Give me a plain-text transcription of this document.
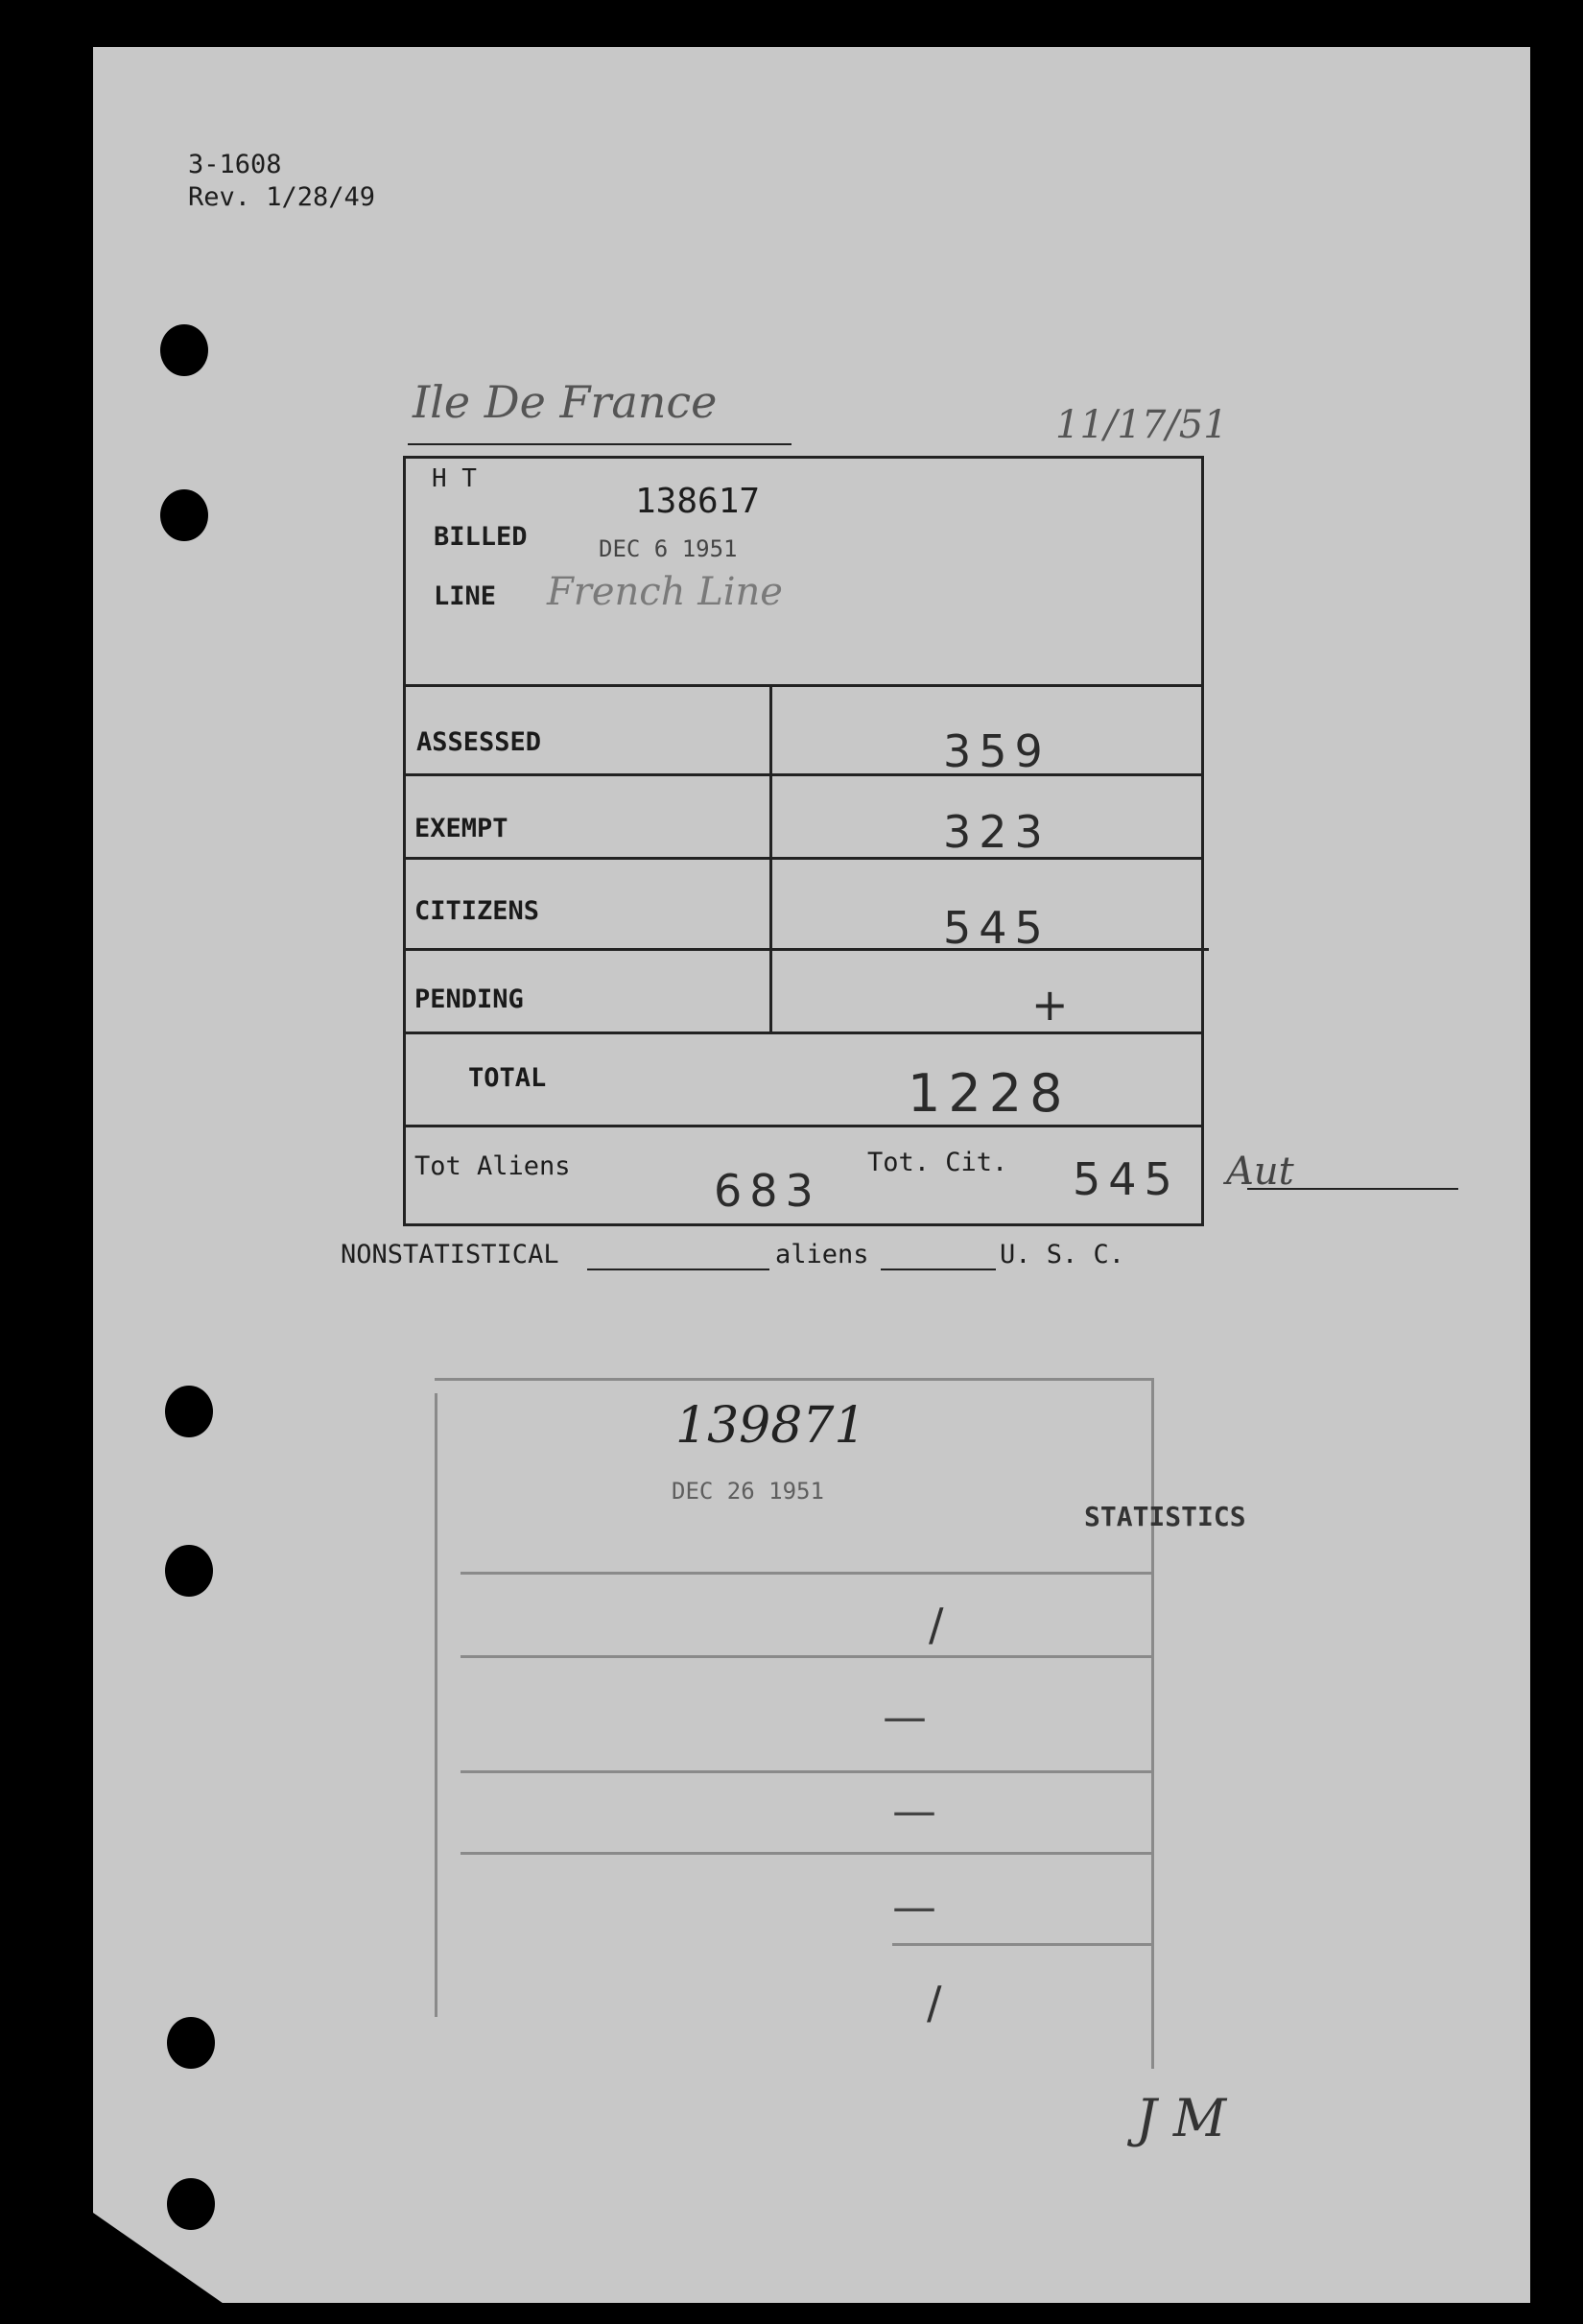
3-1608
Rev. 1/28/49
Ile De France	11/17/51
H T
138617
BILLED	DEC 6 1951
LINE French Line
ASSESSED	359
EXEMPT	323
CITIZENS	545
PENDING	+
TOTAL	1228
Tot Aliens	683
Tot. Cit. 545 Aut
NONSTATISTICAL	aliens	U. S. C.
139871
DEC 26 1951
STATISTICS
/
—
—
—
/
J M
